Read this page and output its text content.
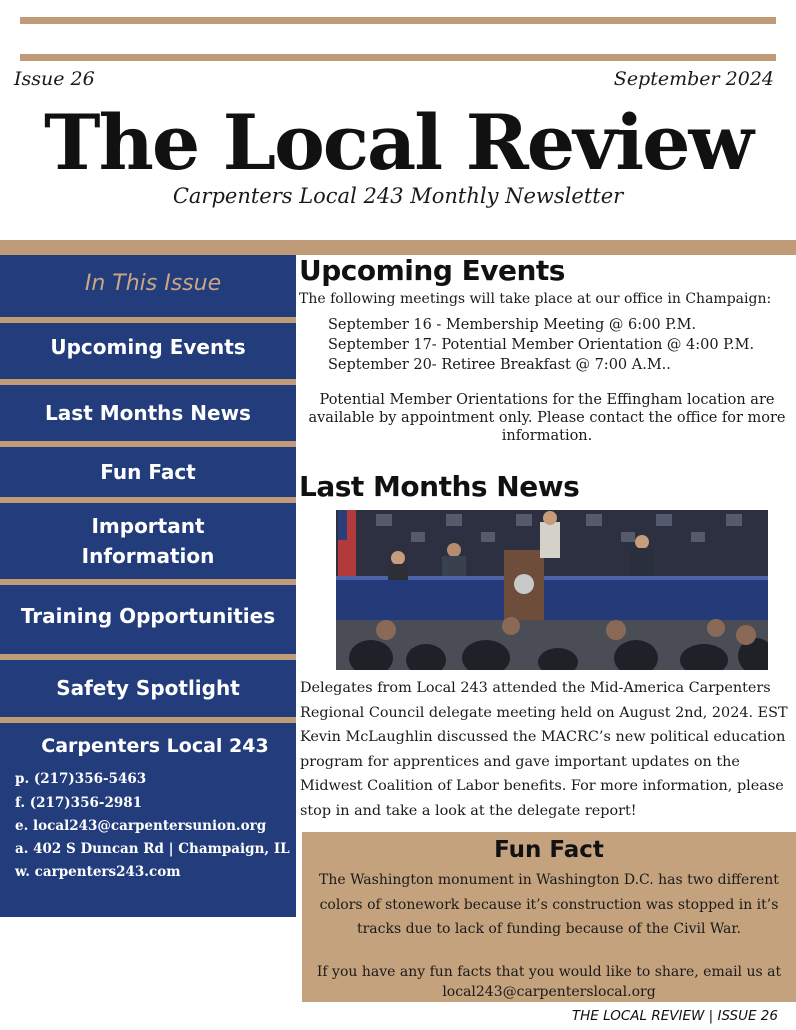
Issue 26	September 2024
The Local Review
Carpenters Local 243 Monthly Newsletter
In This Issue
Upcoming Events
Last Months News
Fun Fact
Important Information
Training Opportunities
Safety Spotlight
Carpenters Local 243
p. (217)356-5463
f. (217)356-2981
e. local243@carpentersunion.org
a. 402 S Duncan Rd | Champaign, IL
w. carpenters243.com
Upcoming Events
The following meetings will take place at our office in Champaign:
September 16 - Membership Meeting @ 6:00 P.M.
September 17- Potential Member Orientation @ 4:00 P.M.
September 20- Retiree Breakfast @ 7:00 A.M..
Potential Member Orientations for the Effingham location are available by appointment only. Please contact the office for more information.
Last Months News
Delegates from Local 243 attended the Mid-America Carpenters Regional Council delegate meeting held on August 2nd, 2024. EST Kevin McLaughlin discussed the MACRC’s new political education program for apprentices and gave important updates on the Midwest Coalition of Labor benefits. For more information, please stop in and take a look at the delegate report!
Fun Fact
The Washington monument in Washington D.C. has two different colors of stonework because it’s construction was stopped in it’s tracks due to lack of funding because of the Civil War.
If you have any fun facts that you would like to share, email us at local243@carpenterslocal.org
THE LOCAL REVIEW | ISSUE 26
